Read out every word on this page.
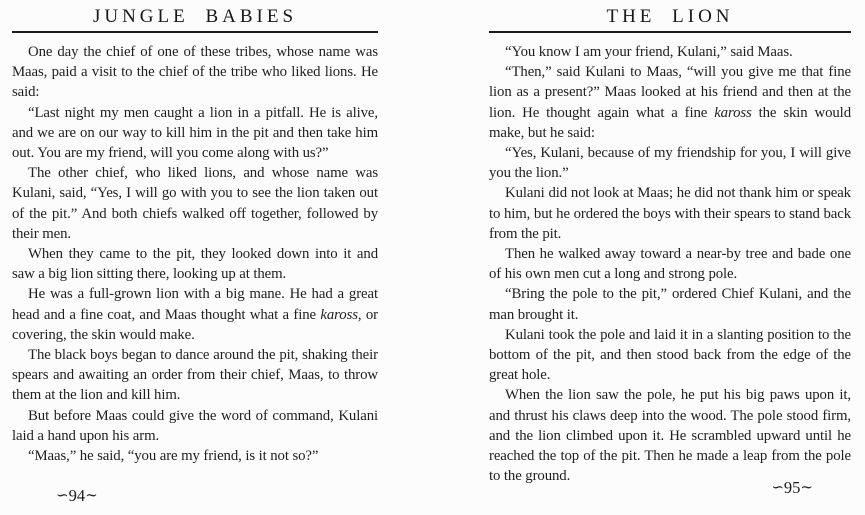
JUNGLE BABIES

One day the chief of one of these tribes, whose name was Maas, paid a visit to the chief of the tribe who liked lions. He said:

“Last night my men caught a lion in a pitfall. He is alive, and we are on our way to kill him in the pit and then take him out. You are my friend, will you come along with us?”

The other chief, who liked lions, and whose name was Kulani, said, “Yes, I will go with you to see the lion taken out of the pit.” And both chiefs walked off together, followed by their men.

When they came to the pit, they looked down into it and saw a big lion sitting there, looking up at them.

He was a full-grown lion with a big mane. He had a great head and a fine coat, and Maas thought what a fine kaross, or covering, the skin would make.

The black boys began to dance around the pit, shaking their spears and awaiting an order from their chief, Maas, to throw them at the lion and kill him.

But before Maas could give the word of command, Kulani laid a hand upon his arm.

“Maas,” he said, “you are my friend, is it not so?”

∽94∼
THE LION

“You know I am your friend, Kulani,” said Maas.

“Then,” said Kulani to Maas, “will you give me that fine lion as a present?” Maas looked at his friend and then at the lion. He thought again what a fine kaross the skin would make, but he said:

“Yes, Kulani, because of my friendship for you, I will give you the lion.”

Kulani did not look at Maas; he did not thank him or speak to him, but he ordered the boys with their spears to stand back from the pit.

Then he walked away toward a near-by tree and bade one of his own men cut a long and strong pole.

“Bring the pole to the pit,” ordered Chief Kulani, and the man brought it.

Kulani took the pole and laid it in a slanting position to the bottom of the pit, and then stood back from the edge of the great hole.

When the lion saw the pole, he put his big paws upon it, and thrust his claws deep into the wood. The pole stood firm, and the lion climbed upon it. He scrambled upward until he reached the top of the pit. Then he made a leap from the pole to the ground.

∽95∼
